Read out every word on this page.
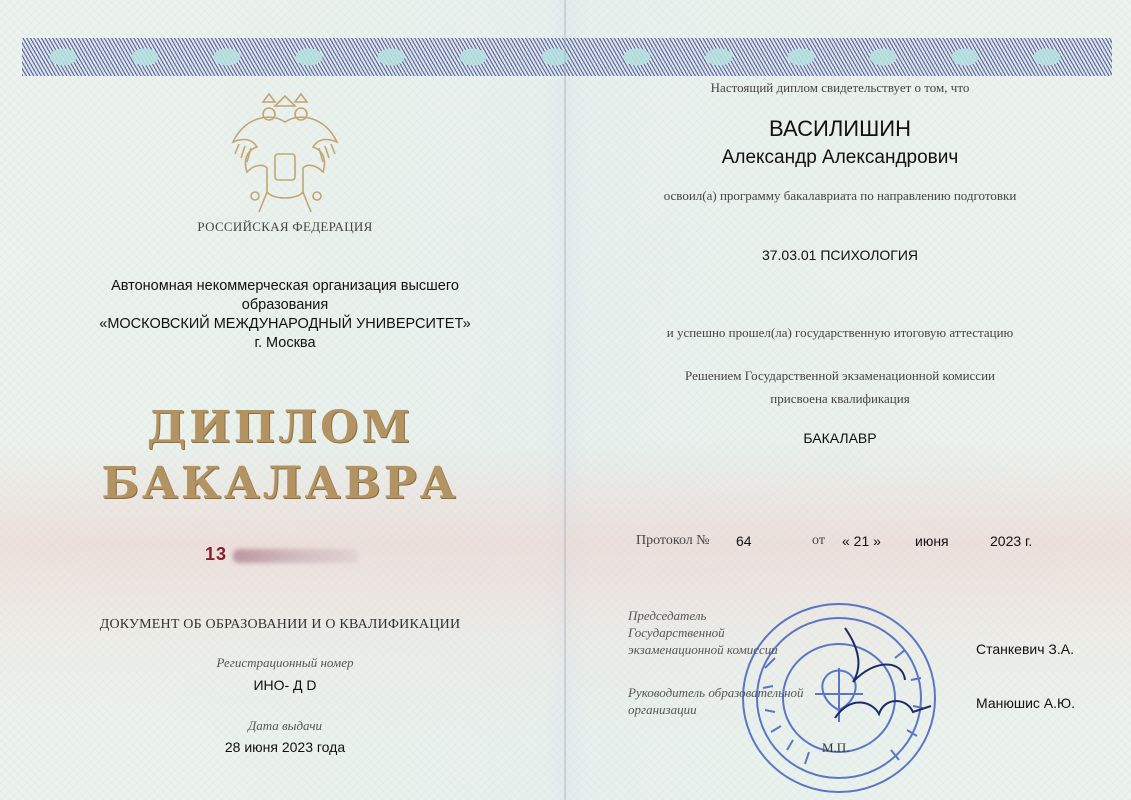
РОССИЙСКАЯ ФЕДЕРАЦИЯ
Автономная некоммерческая организация высшего образования
«МОСКОВСКИЙ МЕЖДУНАРОДНЫЙ УНИВЕРСИТЕТ»
г. Москва
ДИПЛОМ
БАКАЛАВРА
13
ДОКУМЕНТ ОБ ОБРАЗОВАНИИ И О КВАЛИФИКАЦИИ
Регистрационный номер
ИНО- Д D
Дата выдачи
28 июня 2023 года
Настоящий диплом свидетельствует о том, что
ВАСИЛИШИН
Александр Александрович
освоил(а) программу бакалавриата по направлению подготовки
37.03.01 ПСИХОЛОГИЯ
и успешно прошел(ла) государственную итоговую аттестацию
Решением Государственной экзаменационной комиссии
присвоена квалификация
БАКАЛАВР
Протокол № 64	от « 21 » июня	2023 г.
Председатель
Государственной
экзаменационной комиссии	Станкевич З.А.
Руководитель образовательной
организации	Манюшис А.Ю.
М.П.
